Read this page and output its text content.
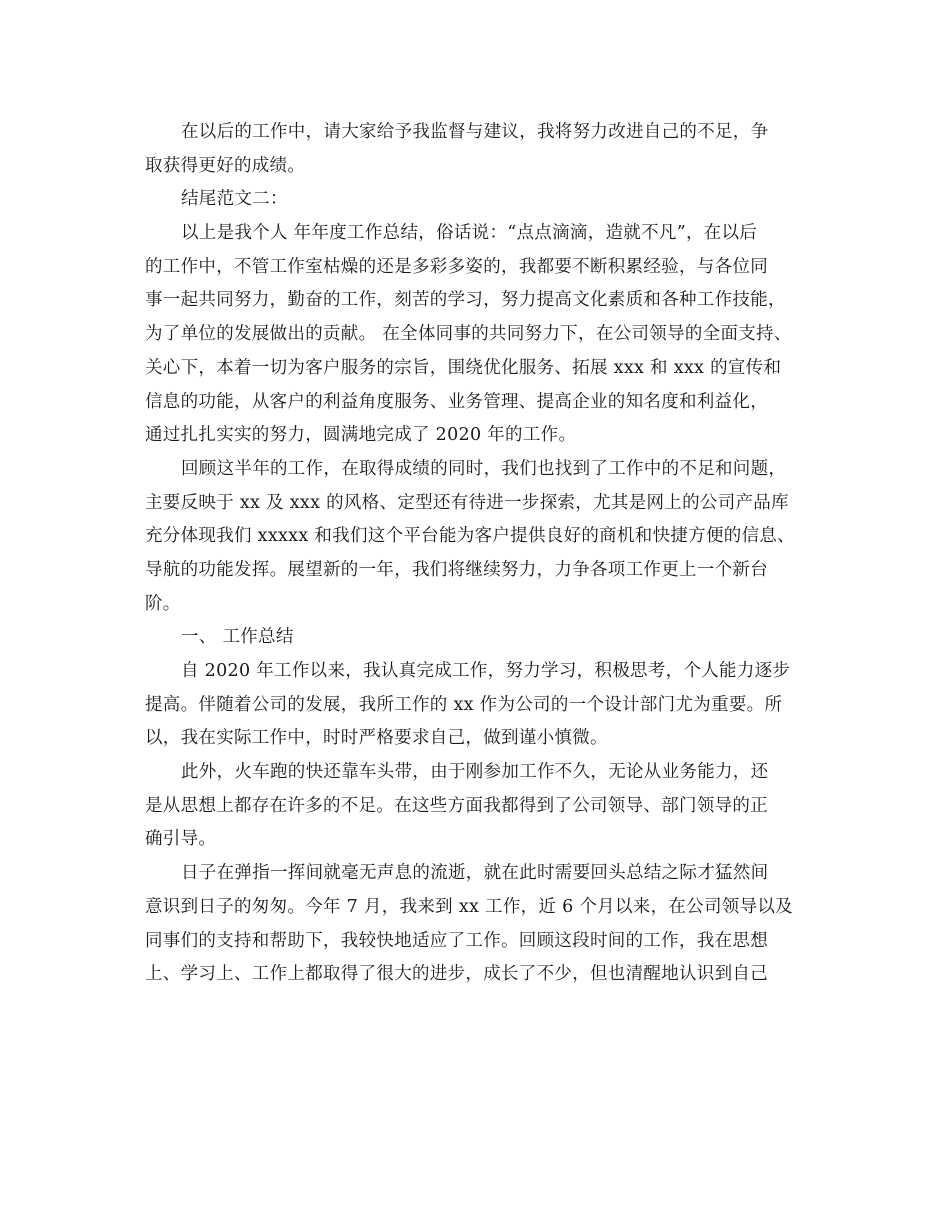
在以后的工作中，请大家给予我监督与建议，我将努力改进自己的不足，争
取获得更好的成绩。
结尾范文二：
以上是我个人 年年度工作总结，俗话说：“点点滴滴，造就不凡”，在以后
的工作中，不管工作室枯燥的还是多彩多姿的，我都要不断积累经验，与各位同
事一起共同努力，勤奋的工作，刻苦的学习，努力提高文化素质和各种工作技能，
为了单位的发展做出的贡献。 在全体同事的共同努力下，在公司领导的全面支持、
关心下，本着一切为客户服务的宗旨，围绕优化服务、拓展 xxx 和 xxx 的宣传和
信息的功能，从客户的利益角度服务、业务管理、提高企业的知名度和利益化，
通过扎扎实实的努力，圆满地完成了 2020 年的工作。
回顾这半年的工作，在取得成绩的同时，我们也找到了工作中的不足和问题，
主要反映于 xx 及 xxx 的风格、定型还有待进一步探索，尤其是网上的公司产品库
充分体现我们 xxxxx 和我们这个平台能为客户提供良好的商机和快捷方便的信息、
导航的功能发挥。展望新的一年，我们将继续努力，力争各项工作更上一个新台
阶。
一、 工作总结
自 2020 年工作以来，我认真完成工作，努力学习，积极思考，个人能力逐步
提高。伴随着公司的发展，我所工作的 xx 作为公司的一个设计部门尤为重要。所
以，我在实际工作中，时时严格要求自己，做到谨小慎微。
此外，火车跑的快还靠车头带，由于刚参加工作不久，无论从业务能力，还
是从思想上都存在许多的不足。在这些方面我都得到了公司领导、部门领导的正
确引导。
日子在弹指一挥间就毫无声息的流逝，就在此时需要回头总结之际才猛然间
意识到日子的匆匆。今年 7 月，我来到 xx 工作，近 6 个月以来，在公司领导以及
同事们的支持和帮助下，我较快地适应了工作。回顾这段时间的工作，我在思想
上、学习上、工作上都取得了很大的进步，成长了不少，但也清醒地认识到自己
